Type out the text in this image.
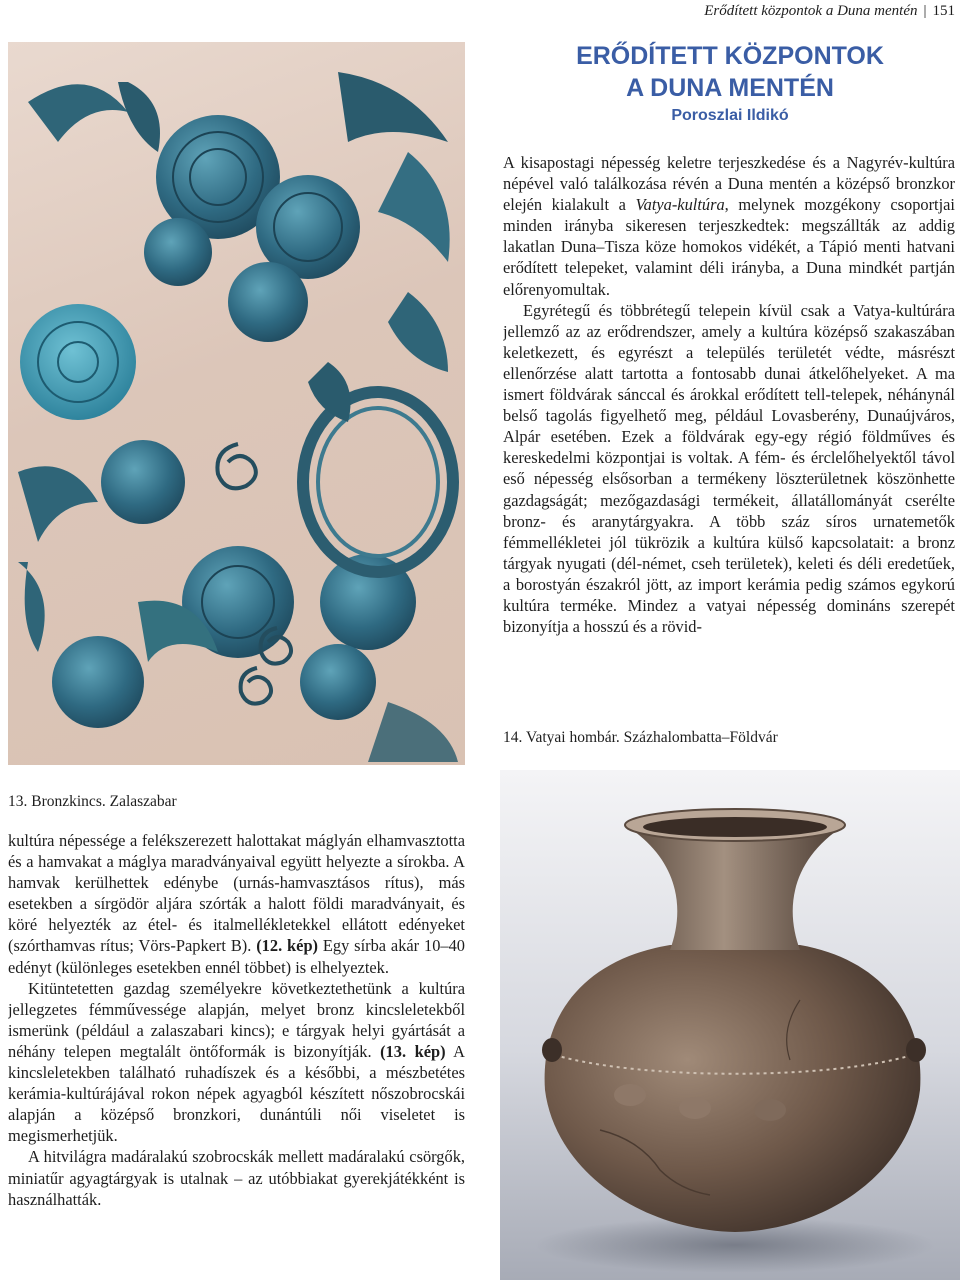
Erődített központok a Duna mentén | 151
ERŐDÍTETT KÖZPONTOK
A DUNA MENTÉN
Poroszlai Ildikó

A kisapostagi népesség keletre terjeszkedése és a Nagyrév-kultúra népével való találkozása révén a Duna mentén a középső bronzkor elején kialakult a Vatya-kultúra, melynek mozgékony csoportjai minden irányba sikeresen terjeszkedtek: megszállták az addig lakatlan Duna–Tisza köze homokos vidékét, a Tápió menti hatvani erődített telepeket, valamint déli irányba, a Duna mindkét partján előrenyomultak.

Egyrétegű és többrétegű telepein kívül csak a Vatya-kultúrára jellemző az az erődrendszer, amely a kultúra középső szakaszában keletkezett, és egyrészt a település területét védte, másrészt ellenőrzése alatt tartotta a fontosabb dunai átkelőhelyeket. A ma ismert földvárak sánccal és árokkal erődített tell-telepek, néhánynál belső tagolás figyelhető meg, például Lovasberény, Dunaújváros, Alpár esetében. Ezek a földvárak egy-egy régió földműves és kereskedelmi központjai is voltak. A fém- és érclelőhelyektől távol eső népesség elsősorban a termékeny löszterületnek köszönhette gazdagságát; mezőgazdasági termékeit, állatállományát cserélte bronz- és aranytárgyakra. A több száz síros urnatemetők fémmellékletei jól tükrözik a kultúra külső kapcsolatait: a bronz tárgyak nyugati (dél-német, cseh területek), keleti és déli eredetűek, a borostyán északról jött, az import kerámia pedig számos egykorú kultúra terméke. Mindez a vatyai népesség domináns szerepét bizonyítja a hosszú és a rövid-

14. Vatyai hombár. Százhalombatta–Földvár
13. Bronzkincs. Zalaszabar

kultúra népessége a felékszerezett halottakat máglyán elhamvasztotta és a hamvakat a máglya maradványaival együtt helyezte a sírokba. A hamvak kerülhettek edénybe (urnás-hamvasztásos rítus), más esetekben a sírgödör aljára szórták a halott földi maradványait, és köré helyezték az étel- és italmellékletekkel ellátott edényeket (szórthamvas rítus; Vörs-Papkert B). (12. kép) Egy sírba akár 10–40 edényt (különleges esetekben ennél többet) is elhelyeztek.

Kitüntetetten gazdag személyekre következtethetünk a kultúra jellegzetes fémművessége alapján, melyet bronz kincsleletekből ismerünk (például a zalaszabari kincs); e tárgyak helyi gyártását a néhány telepen megtalált öntőformák is bizonyítják. (13. kép) A kincsleletekben található ruhadíszek és a későbbi, a mészbetétes kerámia-kultúrájával rokon népek agyagból készített nőszobrocskái alapján a középső bronzkori, dunántúli női viseletet is megismerhetjük.

A hitvilágra madáralakú szobrocskák mellett madáralakú csörgők, miniatűr agyagtárgyak is utalnak – az utóbbiakat gyerekjátékként is használhatták.
